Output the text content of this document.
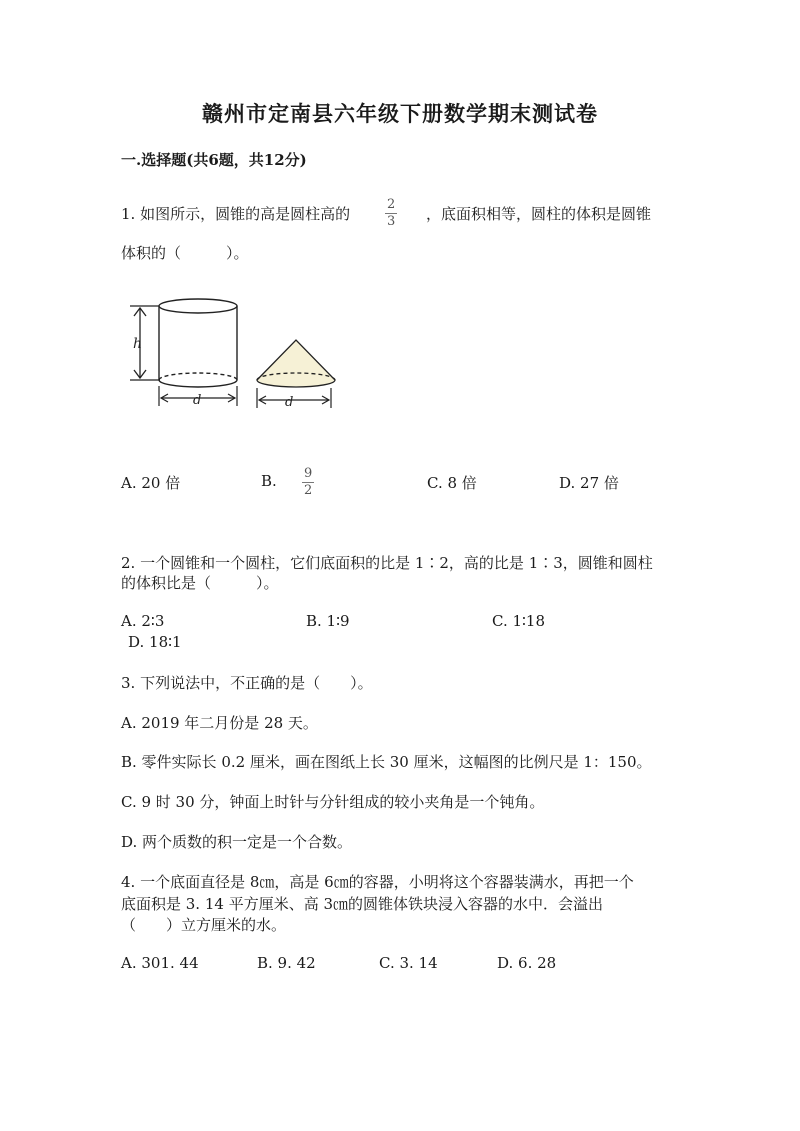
赣州市定南县六年级下册数学期末测试卷
一.选择题(共6题，共12分)
1. 如图所示，圆锥的高是圆柱高的	$\frac{2}{3}$ ，底面积相等，圆柱的体积是圆锥
体积的（　　　）。
h
d	d
A. 20 倍	B. $\frac{9}{2}$	C. 8 倍	D. 27 倍
2. 一个圆锥和一个圆柱，它们底面积的比是 1∶2，高的比是 1∶3，圆锥和圆柱
的体积比是（　　　）。
A. 2∶3	B. 1∶9	C. 1∶18
D. 18∶1
3. 下列说法中，不正确的是（　　）。
A. 2019 年二月份是 28 天。
B. 零件实际长 0.2 厘米，画在图纸上长 30 厘米，这幅图的比例尺是 1：150。
C. 9 时 30 分，钟面上时针与分针组成的较小夹角是一个钝角。
D. 两个质数的积一定是一个合数。
4. 一个底面直径是 8㎝，高是 6㎝的容器，小明将这个容器装满水，再把一个
底面积是 3. 14 平方厘米、高 3㎝的圆锥体铁块浸入容器的水中．会溢出
（　　）立方厘米的水。
A. 301. 44	B. 9. 42	C. 3. 14	D. 6. 28
